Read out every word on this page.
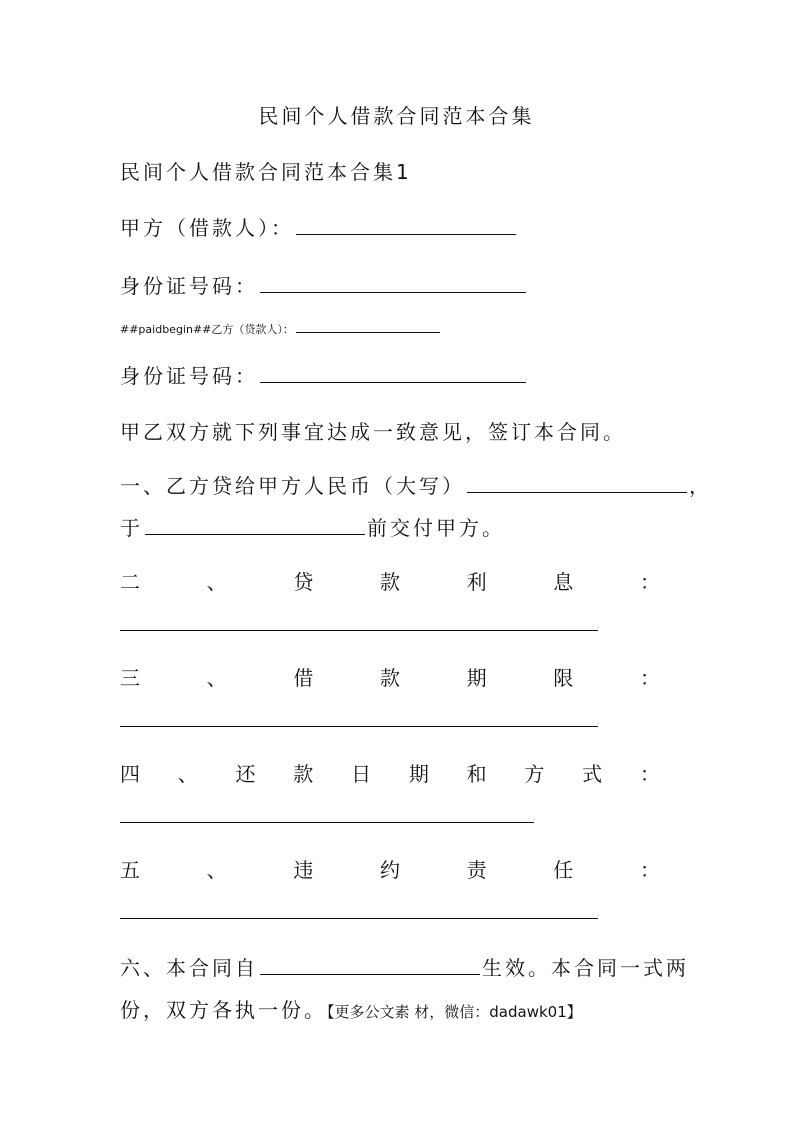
民间个人借款合同范本合集
民间个人借款合同范本合集1
甲方（借款人）：
身份证号码：
##paidbegin##乙方（贷款人）：
身份证号码：
甲乙双方就下列事宜达成一致意见，签订本合同。
一、乙方贷给甲方人民币（大写）	，
于	前交付甲方。
二	、	贷	款	利	息	：
三	、	借	款	期	限	：
四 、 还 款 日 期 和 方 式 ：
五	、	违	约	责	任	：
六、本合同自	生效。本合同一式两
份，双方各执一份。【更多公文素 材，微信：dadawk01】
